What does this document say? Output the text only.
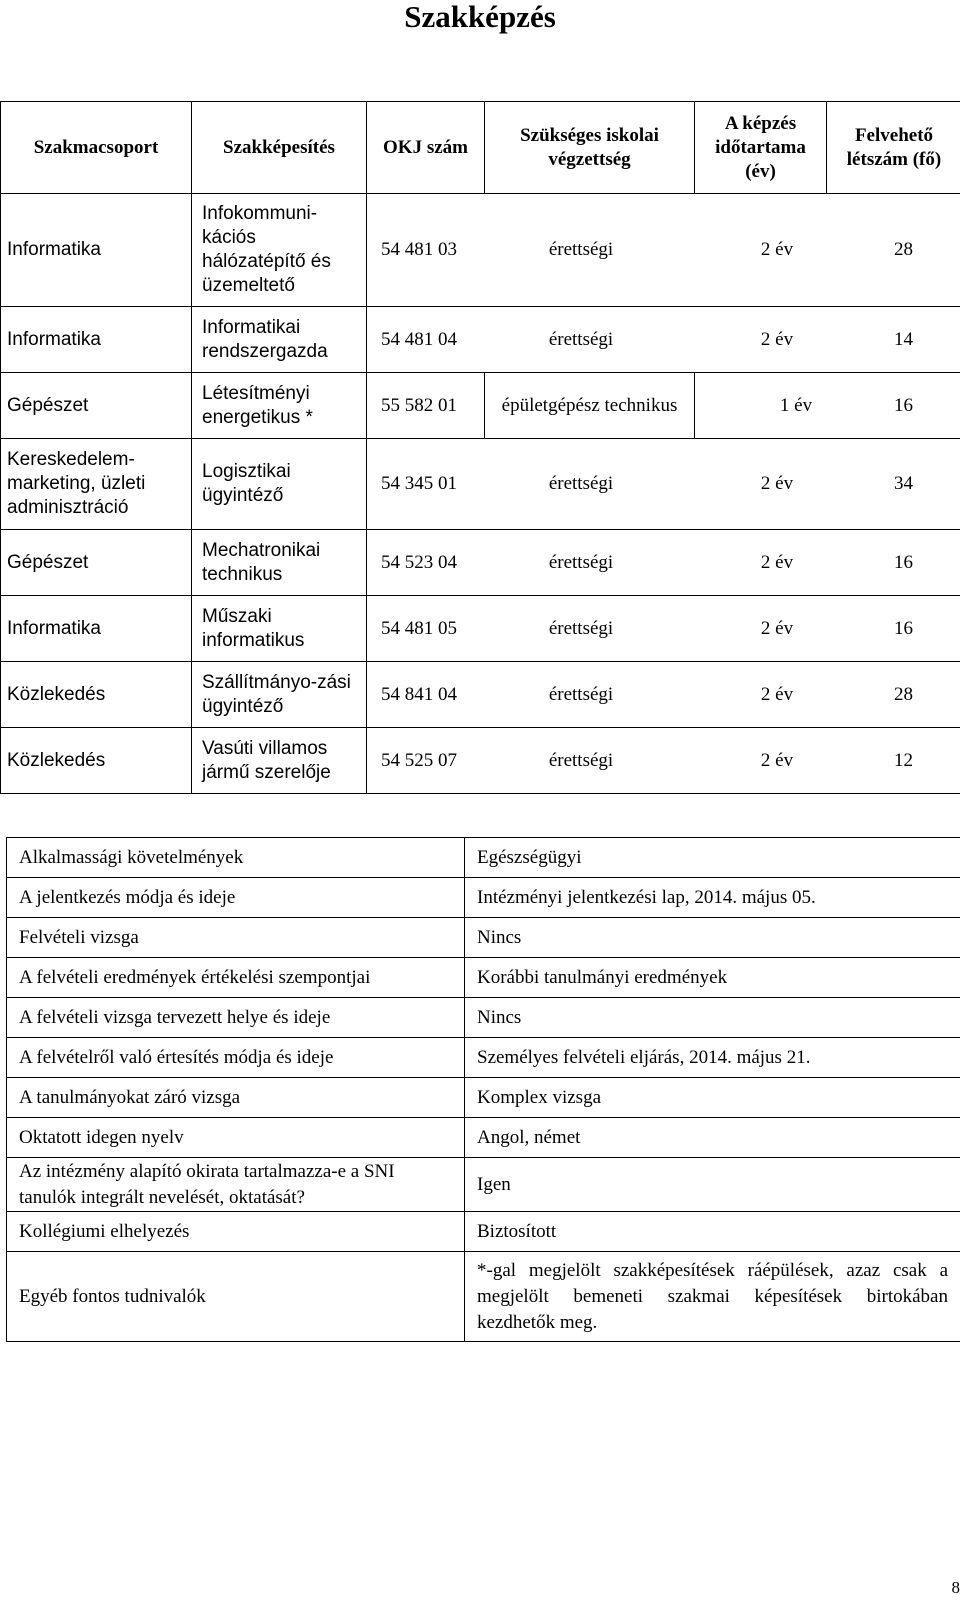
Szakképzés
Szakmacsoport	Szakképesítés	OKJ szám	Szükséges iskolai végzettség	A képzés időtartama (év)	Felvehető létszám (fő)
Informatika	Infokommuni-kációs hálózatépítő és üzemeltető	54 481 03 érettségi 2 év 28			

Informatika	Informatikai rendszergazda	54 481 04 érettségi 2 év 14			

Gépészet	Létesítményi energetikus *	55 582 01	épületgépész technikus	1 év 16	

Kereskedelem-marketing, üzleti adminisztráció	Logisztikai ügyintéző	54 345 01 érettségi 2 év 34			

Gépészet	Mechatronikai technikus	54 523 04 érettségi 2 év 16			

Informatika	Műszaki informatikus	54 481 05 érettségi 2 év 16			

Közlekedés	Szállítmányo-zási ügyintéző	54 841 04 érettségi 2 év 28			

Közlekedés	Vasúti villamos jármű szerelője	54 525 07 érettségi 2 év 12			
Alkalmassági követelmények	Egészségügyi
A jelentkezés módja és ideje	Intézményi jelentkezési lap, 2014. május 05.
Felvételi vizsga	Nincs
A felvételi eredmények értékelési szempontjai	Korábbi tanulmányi eredmények
A felvételi vizsga tervezett helye és ideje	Nincs
A felvételről való értesítés módja és ideje	Személyes felvételi eljárás, 2014. május 21.
A tanulmányokat záró vizsga	Komplex vizsga
Oktatott idegen nyelv	Angol, német
Az intézmény alapító okirata tartalmazza-e a SNI tanulók integrált nevelését, oktatását?	Igen
Kollégiumi elhelyezés	Biztosított
Egyéb fontos tudnivalók	*-gal megjelölt szakképesítések ráépülések, azaz csak a megjelölt bemeneti szakmai képesítések birtokában kezdhetők meg.
8
